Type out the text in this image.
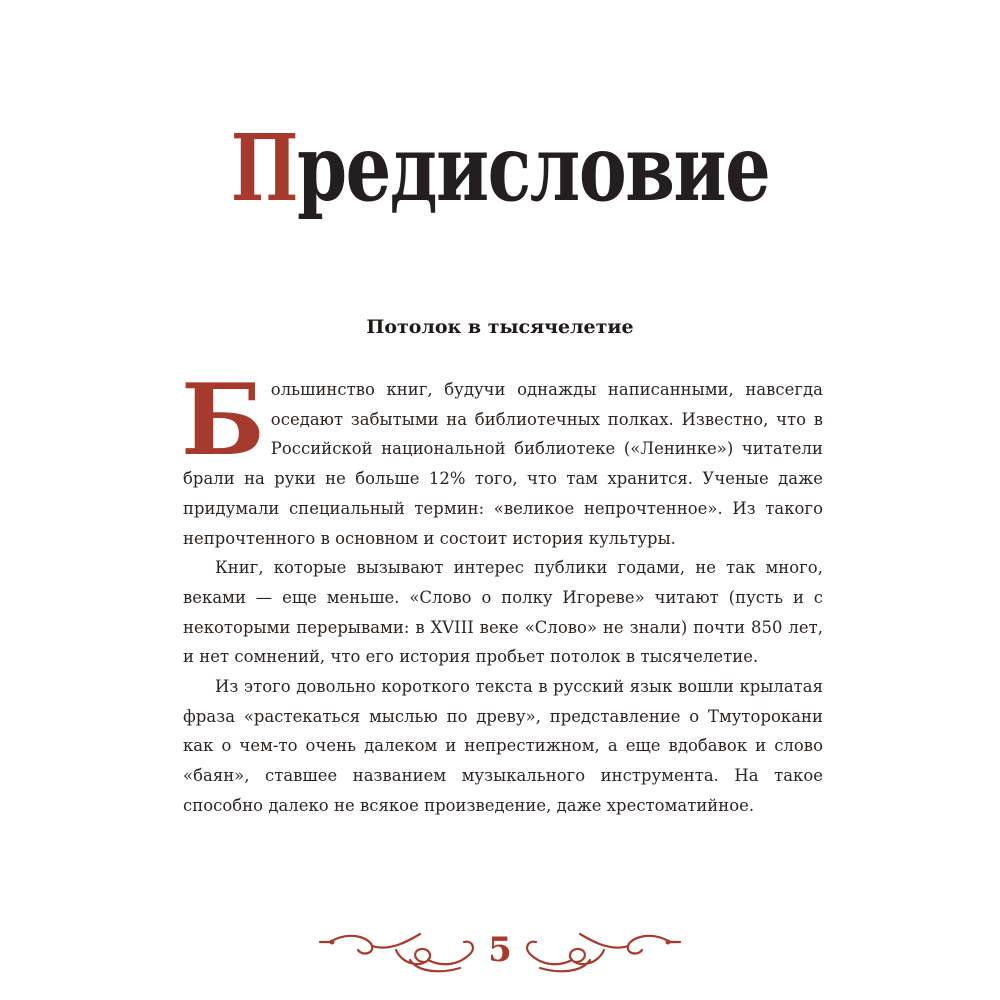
Предисловие
Потолок в тысячелетие

Большинство книг, будучи однажды написанными, навсегда оседают забытыми на библиотечных полках. Известно, что в Российской национальной библиотеке («Ленинке») читатели брали на руки не больше 12% того, что там хранится. Ученые даже придумали специальный термин: «великое непрочтенное». Из такого непрочтенного в основном и состоит история культуры.

Книг, которые вызывают интерес публики годами, не так много, веками — еще меньше. «Слово о полку Игореве» читают (пусть и с некоторыми перерывами: в XVIII веке «Слово» не знали) почти 850 лет, и нет сомнений, что его история пробьет потолок в тысячелетие.

Из этого довольно короткого текста в русский язык вошли крылатая фраза «растекаться мыслью по древу», представление о Тмуторокани как о чем-то очень далеком и непрестижном, а еще вдобавок и слово «баян», ставшее названием музыкального инструмента. На такое способно далеко не всякое произведение, даже хрестоматийное.

5
